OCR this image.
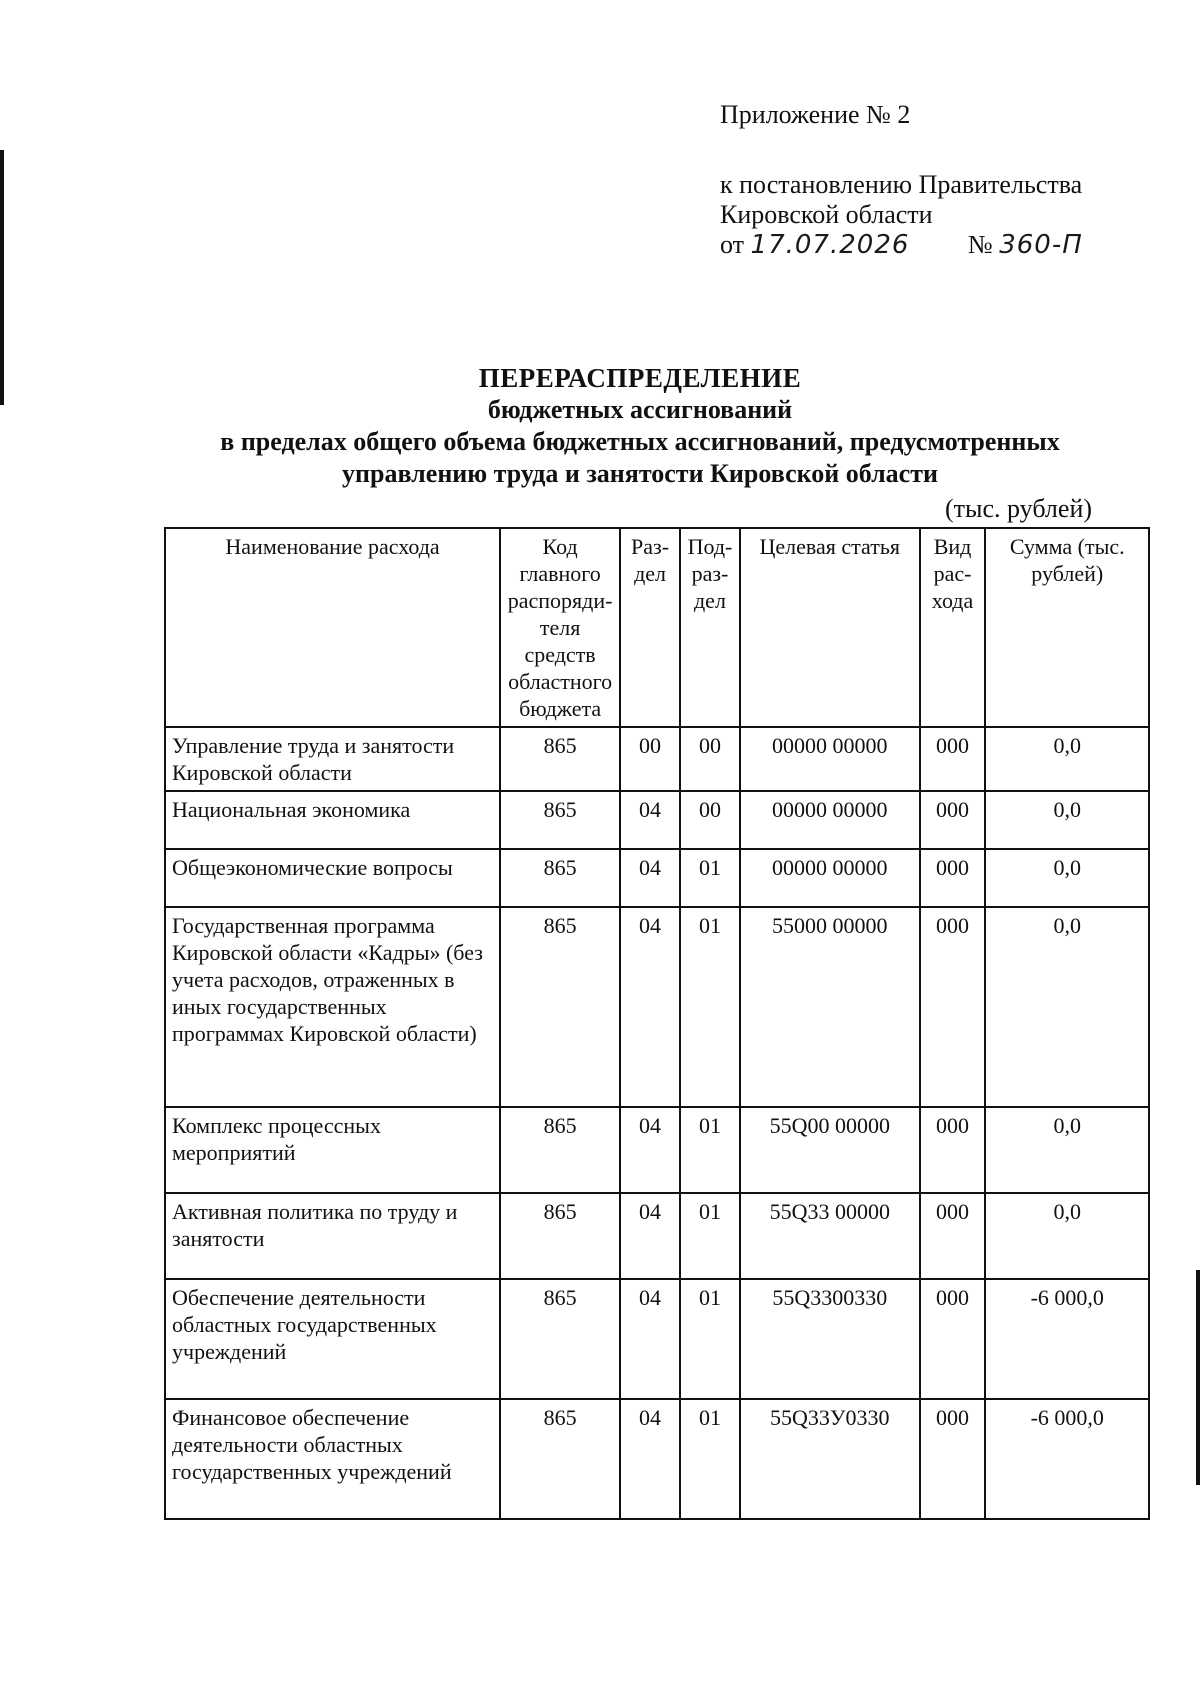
Приложение № 2
к постановлению Правительства
Кировской области
от 17.07.2026 № 360-П
ПЕРЕРАСПРЕДЕЛЕНИЕ
бюджетных ассигнований
в пределах общего объема бюджетных ассигнований, предусмотренных
управлению труда и занятости Кировской области
(тыс. рублей)
Наименование расхода	Код главного распоряди-теля средств областного бюджета	Раз-дел	Под-раз-дел	Целевая статья	Вид рас-хода	Сумма (тыс. рублей)
Управление труда и занятости Кировской области	865	00	00	00000 00000	000	0,0
Национальная экономика	865	04	00	00000 00000	000	0,0
Общеэкономические вопросы	865	04	01	00000 00000	000	0,0
Государственная программа Кировской области «Кадры» (без учета расходов, отраженных в иных государственных программах Кировской области)	865	04	01	55000 00000	000	0,0
Комплекс процессных мероприятий	865	04	01	55Q00 00000	000	0,0
Активная политика по труду и занятости	865	04	01	55Q33 00000	000	0,0
Обеспечение деятельности областных государственных учреждений	865	04	01	55Q3300330	000	-6 000,0
Финансовое обеспечение деятельности областных государственных учреждений	865	04	01	55Q33У0330	000	-6 000,0
